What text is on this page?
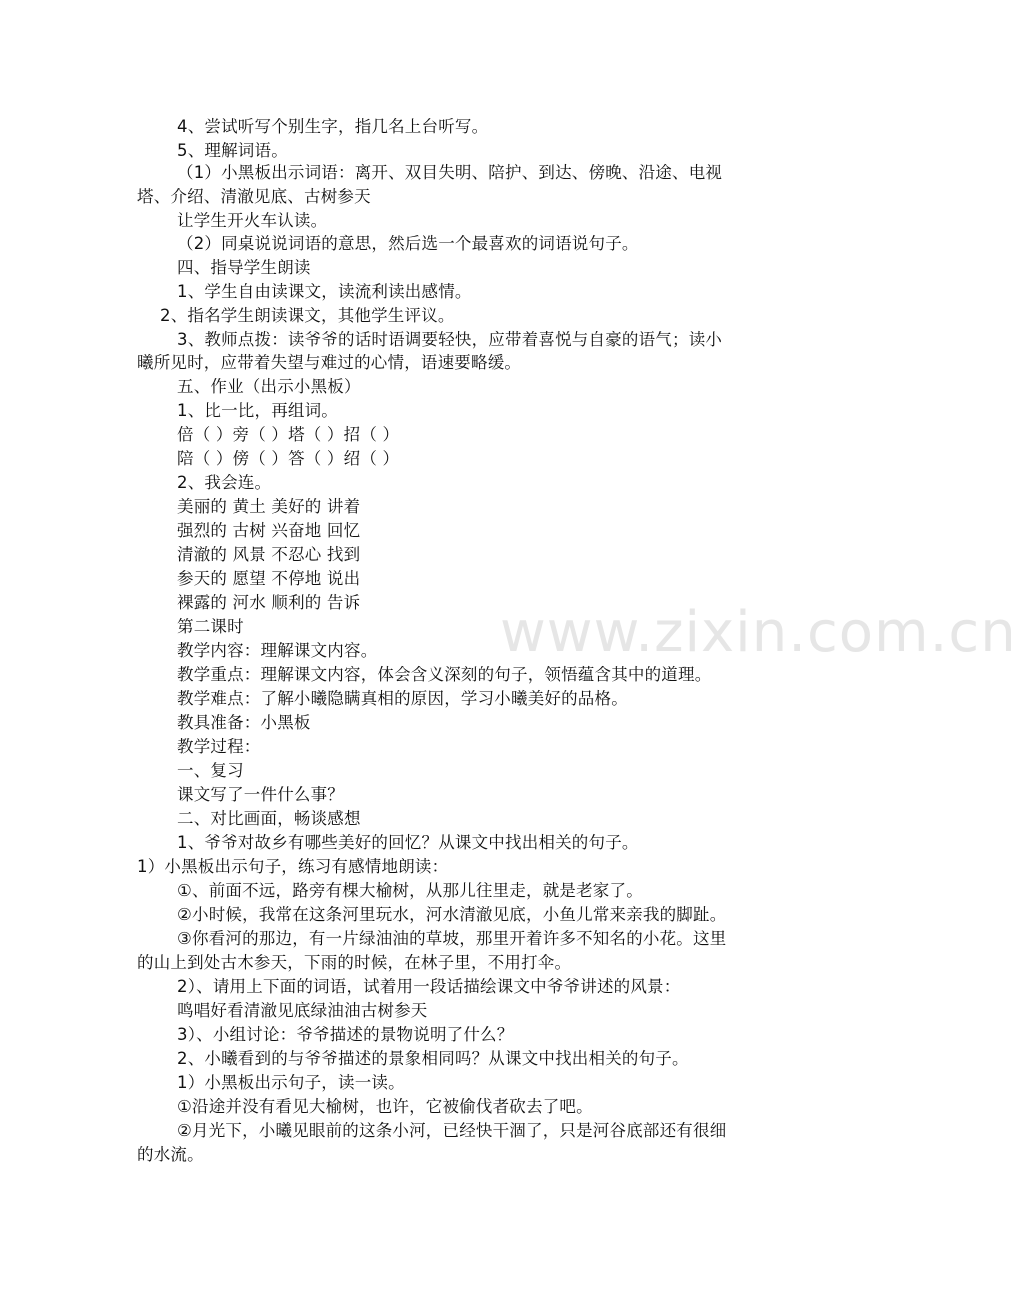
www.zixin.com.cn
4、尝试听写个别生字，指几名上台听写。
5、理解词语。
（1）小黑板出示词语：离开、双目失明、陪护、到达、傍晚、沿途、电视
塔、介绍、清澈见底、古树参天
让学生开火车认读。
（2）同桌说说词语的意思，然后选一个最喜欢的词语说句子。
四、指导学生朗读
1、学生自由读课文，读流利读出感情。
2、指名学生朗读课文，其他学生评议。
3、教师点拨：读爷爷的话时语调要轻快，应带着喜悦与自豪的语气；读小
曦所见时，应带着失望与难过的心情，语速要略缓。
五、作业（出示小黑板）
1、比一比，再组词。
倍（ ）旁（ ）塔（ ）招（ ）
陪（ ）傍（ ）答（ ）绍（ ）
2、我会连。
美丽的 黄土 美好的 讲着
强烈的 古树 兴奋地 回忆
清澈的 风景 不忍心 找到
参天的 愿望 不停地 说出
裸露的 河水 顺利的 告诉
第二课时
教学内容：理解课文内容。
教学重点：理解课文内容，体会含义深刻的句子，领悟蕴含其中的道理。
教学难点：了解小曦隐瞒真相的原因，学习小曦美好的品格。
教具准备：小黑板
教学过程：
一、复习
课文写了一件什么事？
二、对比画面，畅谈感想
1、爷爷对故乡有哪些美好的回忆？从课文中找出相关的句子。
1）小黑板出示句子，练习有感情地朗读：
①、前面不远，路旁有棵大榆树，从那儿往里走，就是老家了。
②小时候，我常在这条河里玩水，河水清澈见底，小鱼儿常来亲我的脚趾。
③你看河的那边，有一片绿油油的草坡，那里开着许多不知名的小花。这里
的山上到处古木参天，下雨的时候，在林子里，不用打伞。
2）、请用上下面的词语，试着用一段话描绘课文中爷爷讲述的风景：
鸣唱好看清澈见底绿油油古树参天
3）、小组讨论：爷爷描述的景物说明了什么？
2、小曦看到的与爷爷描述的景象相同吗？从课文中找出相关的句子。
1）小黑板出示句子，读一读。
①沿途并没有看见大榆树，也许，它被偷伐者砍去了吧。
②月光下，小曦见眼前的这条小河，已经快干涸了，只是河谷底部还有很细
的水流。
